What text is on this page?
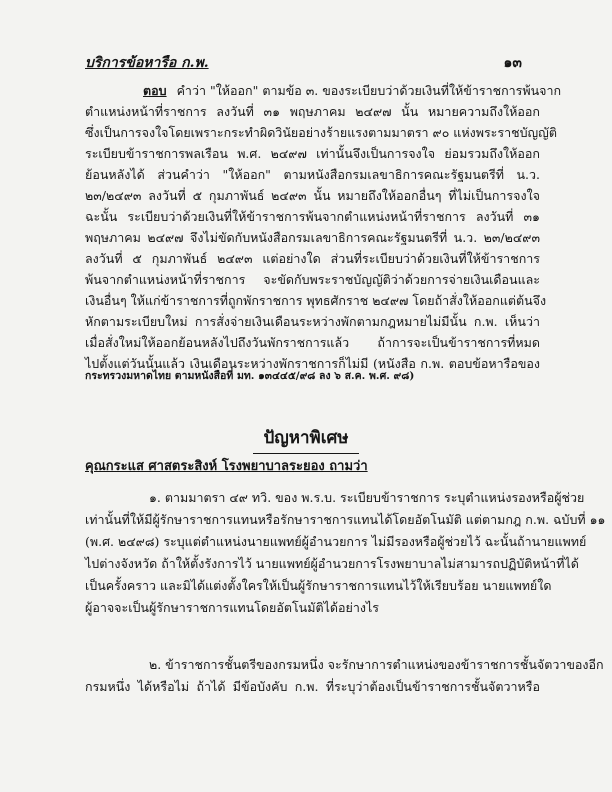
บริการข้อหารือ ก.พ.	๑๓
ตอบ คำว่า "ให้ออก" ตามข้อ ๓. ของระเบียบว่าด้วยเงินที่ให้ข้าราชการพ้นจาก
ตำแหน่งหน้าที่ราชการ ลงวันที่ ๓๑ พฤษภาคม ๒๔๙๗ นั้น หมายความถึงให้ออก
ซึ่งเป็นการจงใจโดยเพราะกระทำผิดวินัยอย่างร้ายแรงตามมาตรา ๙๐ แห่งพระราชบัญญัติ
ระเบียบข้าราชการพลเรือน พ.ศ. ๒๔๙๗ เท่านั้นจึงเป็นการจงใจ ย่อมรวมถึงให้ออก
ย้อนหลังได้ ส่วนคำว่า "ให้ออก" ตามหนังสือกรมเลขาธิการคณะรัฐมนตรีที่ น.ว.
๒๓/๒๔๙๓ ลงวันที่ ๕ กุมภาพันธ์ ๒๔๙๓ นั้น หมายถึงให้ออกอื่นๆ ที่ไม่เป็นการจงใจ
ฉะนั้น ระเบียบว่าด้วยเงินที่ให้ข้าราชการพ้นจากตำแหน่งหน้าที่ราชการ ลงวันที่ ๓๑
พฤษภาคม ๒๔๙๗ จึงไม่ขัดกับหนังสือกรมเลขาธิการคณะรัฐมนตรีที่ น.ว. ๒๓/๒๔๙๓
ลงวันที่ ๕ กุมภาพันธ์ ๒๔๙๓ แต่อย่างใด ส่วนที่ระเบียบว่าด้วยเงินที่ให้ข้าราชการ
พ้นจากตำแหน่งหน้าที่ราชการ จะขัดกับพระราชบัญญัติว่าด้วยการจ่ายเงินเดือนและ
เงินอื่นๆ ให้แก่ข้าราชการที่ถูกพักราชการ พุทธศักราช ๒๔๙๗ โดยถ้าสั่งให้ออกแต่ต้นจึง
หักตามระเบียบใหม่ การสั่งจ่ายเงินเดือนระหว่างพักตามกฎหมายไม่มีนั้น ก.พ. เห็นว่า
เมื่อสั่งใหม่ให้ออกย้อนหลังไปถึงวันพักราชการแล้ว ถ้าการจะเป็นข้าราชการที่หมด
ไปตั้งแต่วันนั้นแล้ว เงินเดือนระหว่างพักราชการก็ไม่มี (หนังสือ ก.พ. ตอบข้อหารือของ
กระทรวงมหาดไทย ตามหนังสือที่ มท. ๑๓๔๔๕/๙๘ ลง ๖ ส.ค. พ.ศ. ๙๘)
ปัญหาพิเศษ
คุณกระแส ศาสตระสิงห์ โรงพยาบาลระยอง ถามว่า
๑. ตามมาตรา ๔๙ ทวิ. ของ พ.ร.บ. ระเบียบข้าราชการ ระบุตำแหน่งรองหรือผู้ช่วย
เท่านั้นที่ให้มีผู้รักษาราชการแทนหรือรักษาราชการแทนได้โดยอัตโนมัติ แต่ตามกฎ ก.พ. ฉบับที่ ๑๑
(พ.ศ. ๒๔๙๘) ระบุแต่ตำแหน่งนายแพทย์ผู้อำนวยการ ไม่มีรองหรือผู้ช่วยไว้ ฉะนั้นถ้านายแพทย์
ไปต่างจังหวัด ถ้าให้ตั้งรังการไว้ นายแพทย์ผู้อำนวยการโรงพยาบาลไม่สามารถปฏิบัติหน้าที่ได้
เป็นครั้งคราว และมิได้แต่งตั้งใครให้เป็นผู้รักษาราชการแทนไว้ให้เรียบร้อย นายแพทย์ใด
ผู้อาจจะเป็นผู้รักษาราชการแทนโดยอัตโนมัติได้อย่างไร
๒. ข้าราชการชั้นตรีของกรมหนึ่ง จะรักษาการตำแหน่งของข้าราชการชั้นจัตวาของอีก
กรมหนึ่ง ได้หรือไม่ ถ้าได้ มีข้อบังคับ ก.พ. ที่ระบุว่าต้องเป็นข้าราชการชั้นจัตวาหรือ
